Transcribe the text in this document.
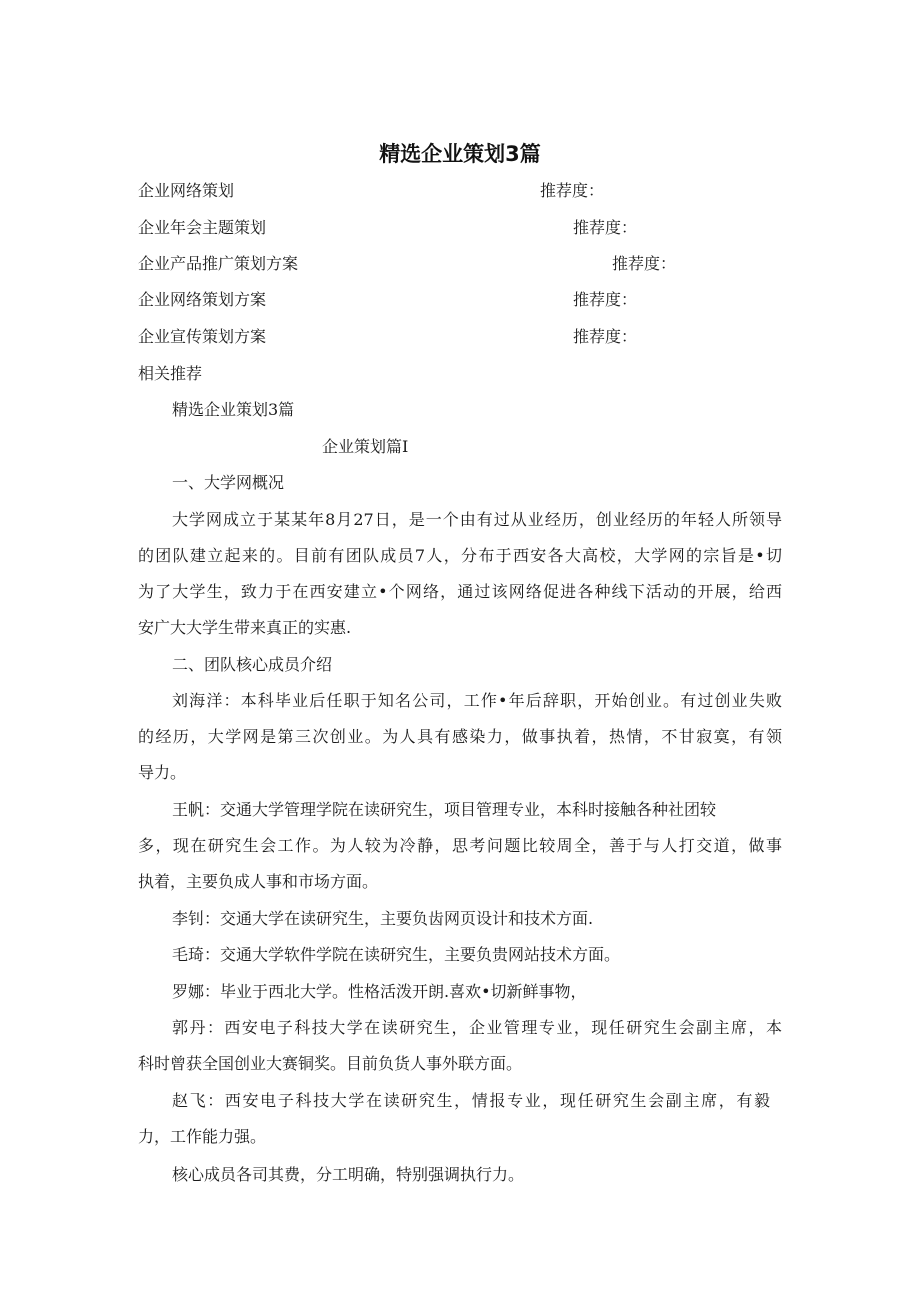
精选企业策划3篇
企业网络策划	推荐度：
企业年会主题策划	推荐度：
企业产品推广策划方案	推荐度：
企业网络策划方案	推荐度：
企业宣传策划方案	推荐度：
相关推荐
精选企业策划3篇
企业策划篇I
一、大学网概况
大学网成立于某某年8月27日，是一个由有过从业经历，创业经历的年轻人所领导
的团队建立起来的。目前有团队成员7人，分布于西安各大高校，大学网的宗旨是•切
为了大学生，致力于在西安建立•个网络，通过该网络促进各种线下活动的开展，给西
安广大大学生带来真正的实惠.
二、团队核心成员介绍
刘海洋：本科毕业后任职于知名公司，工作•年后辞职，开始创业。有过创业失败
的经历，大学网是第三次创业。为人具有感染力，做事执着，热情，不甘寂寞，有领
导力。
王帆：交通大学管理学院在读研究生，项目管理专业，本科时接触各种社团较
多，现在研究生会工作。为人较为冷静，思考问题比较周全，善于与人打交道，做事
执着，主要负成人事和市场方面。
李钊：交通大学在读研究生，主要负齿网页设计和技术方面.
毛琦：交通大学软件学院在读研究生，主要负贵网站技术方面。
罗娜：毕业于西北大学。性格活泼开朗.喜欢•切新鲜事物，
郭丹：西安电子科技大学在读研究生，企业管理专业，现任研究生会副主席，本
科时曾获全国创业大赛铜奖。目前负货人事外联方面。
赵飞：西安电子科技大学在读研究生，情报专业，现任研究生会副主席，有毅
力，工作能力强。
核心成员各司其费，分工明确，特别强调执行力。
